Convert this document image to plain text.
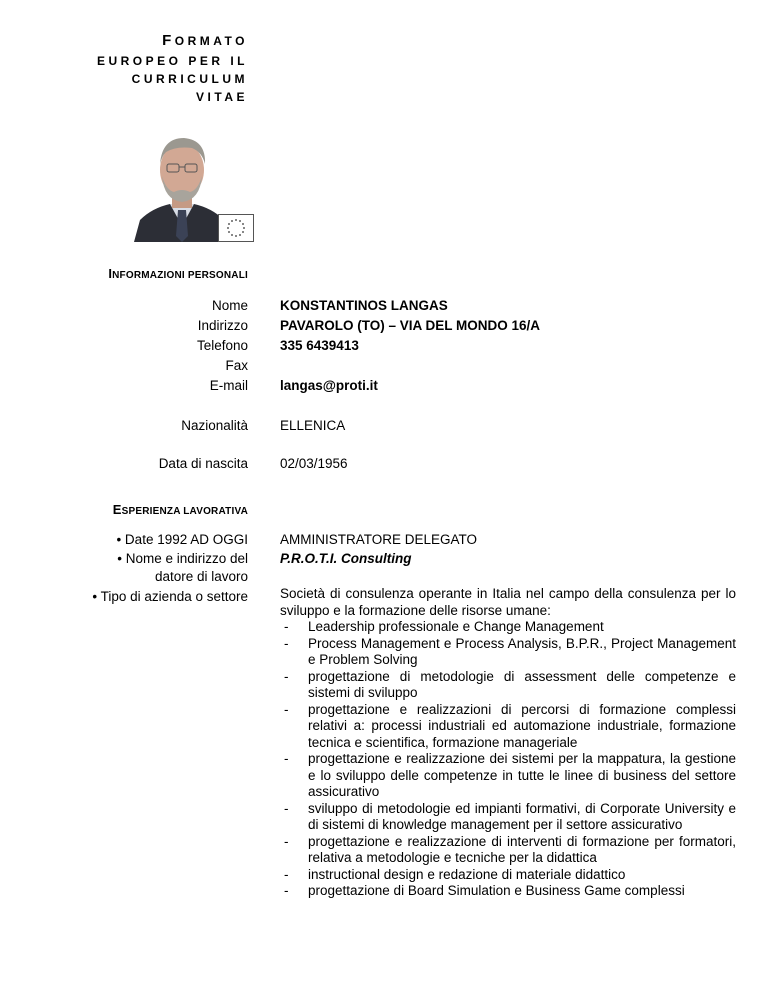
FORMATO
EUROPEO PER IL
CURRICULUM
VITAE
INFORMAZIONI PERSONALI
Nome
Indirizzo
Telefono
Fax
E-mail
KONSTANTINOS LANGAS
PAVAROLO (TO) – VIA DEL MONDO 16/A
335 6439413
langas@proti.it
Nazionalità ELLENICA
Data di nascita 02/03/1956
ESPERIENZA LAVORATIVA
• Date 1992 AD OGGI
• Nome e indirizzo del
datore di lavoro
• Tipo di azienda o settore
AMMINISTRATORE DELEGATO
P.R.O.T.I. Consulting
Società di consulenza operante in Italia nel campo della consulenza per lo sviluppo e la formazione delle risorse umane:
- Leadership professionale e Change Management
- Process Management e Process Analysis, B.P.R., Project Management e Problem Solving
- progettazione di metodologie di assessment delle competenze e sistemi di sviluppo
- progettazione e realizzazioni di percorsi di formazione complessi relativi a: processi industriali ed automazione industriale, formazione tecnica e scientifica, formazione manageriale
- progettazione e realizzazione dei sistemi per la mappatura, la gestione e lo sviluppo delle competenze in tutte le linee di business del settore assicurativo
- sviluppo di metodologie ed impianti formativi, di Corporate University e di sistemi di knowledge management per il settore assicurativo
- progettazione e realizzazione di interventi di formazione per formatori, relativa a metodologie e tecniche per la didattica
- instructional design e redazione di materiale didattico
- progettazione di Board Simulation e Business Game complessi
